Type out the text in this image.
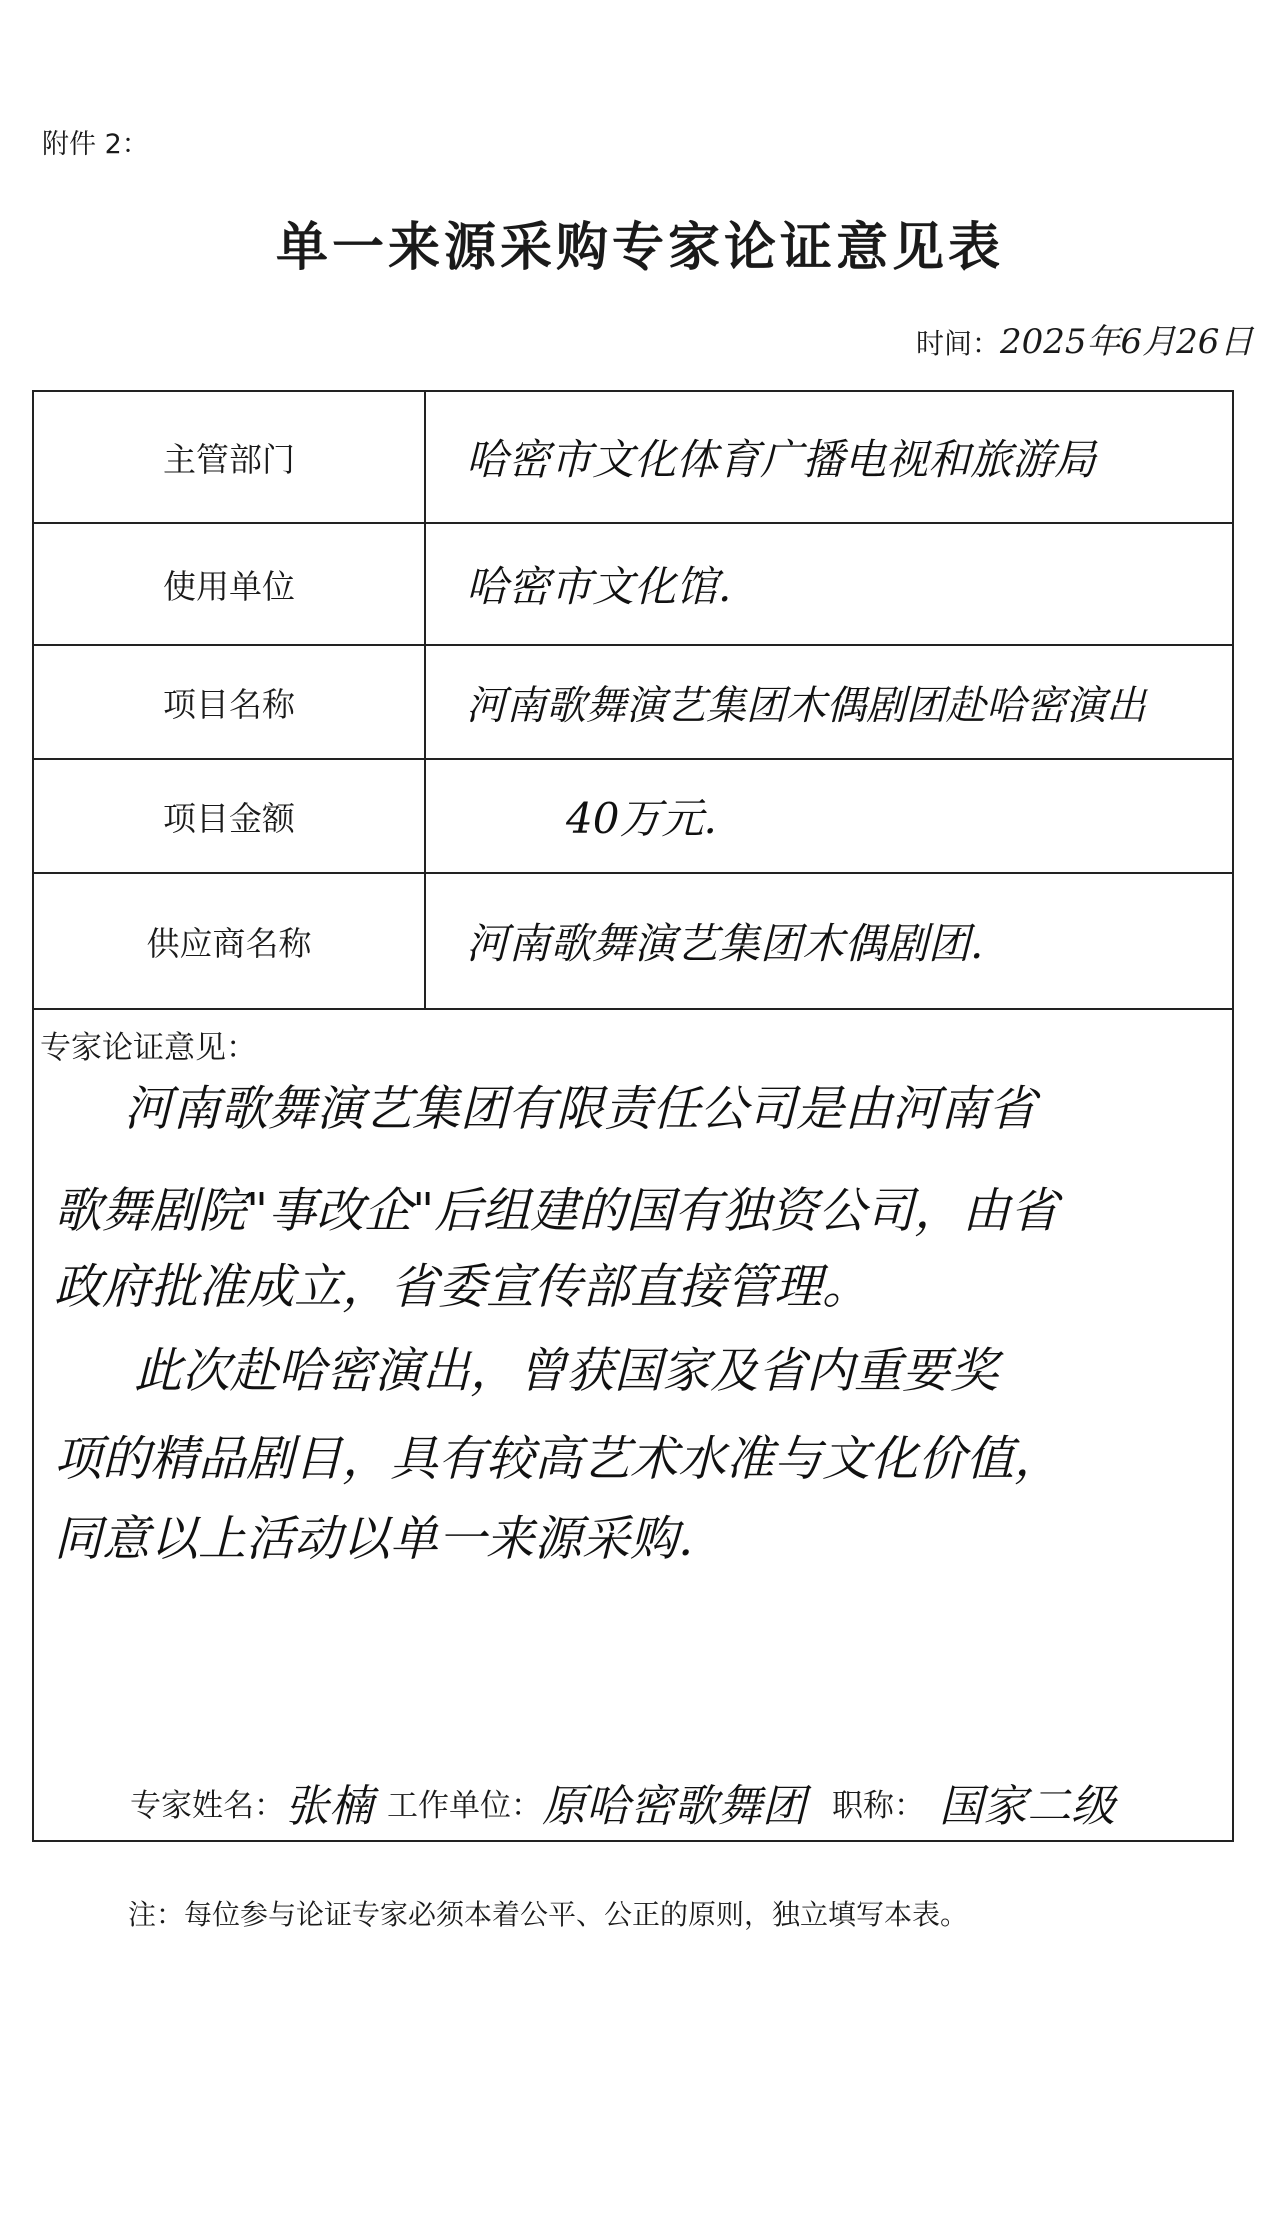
附件 2：
单一来源采购专家论证意见表
时间：2025年6月26日
主管部门	哈密市文化体育广播电视和旅游局
使用单位	哈密市文化馆.
项目名称	河南歌舞演艺集团木偶剧团赴哈密演出
项目金额	40万元.
供应商名称	河南歌舞演艺集团木偶剧团.
专家论证意见：
河南歌舞演艺集团有限责任公司是由河南省
歌舞剧院"事改企"后组建的国有独资公司，由省
政府批准成立，省委宣传部直接管理。
此次赴哈密演出，曾获国家及省内重要奖
项的精品剧目，具有较高艺术水准与文化价值，
同意以上活动以单一来源采购.
专家姓名： 张楠 工作单位： 原哈密歌舞团 职称： 国家二级
注：每位参与论证专家必须本着公平、公正的原则，独立填写本表。
